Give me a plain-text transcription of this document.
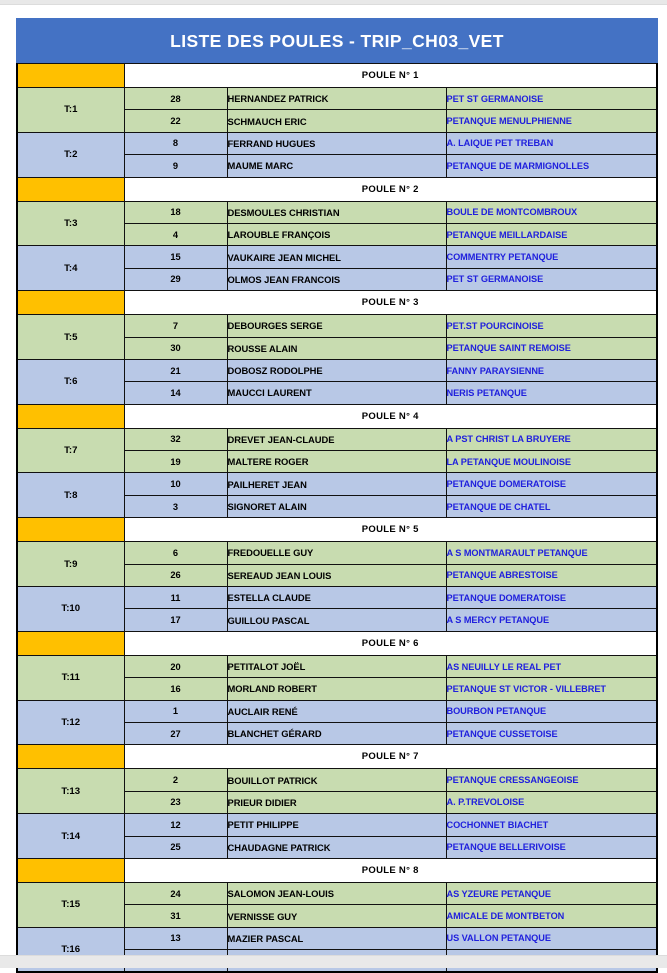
LISTE DES POULES - TRIP_CH03_VET
	POULE N° 1		
T:1	28	HERNANDEZ PATRICK	PET ST GERMANOISE
	22	SCHMAUCH ERIC	PETANQUE MENULPHIENNE
T:2	8	FERRAND HUGUES	A. LAIQUE PET TREBAN
	9	MAUME MARC	PETANQUE DE MARMIGNOLLES
	POULE N° 2		
T:3	18	DESMOULES CHRISTIAN	BOULE DE MONTCOMBROUX
	4	LAROUBLE FRANÇOIS	PETANQUE MEILLARDAISE
T:4	15	VAUKAIRE JEAN MICHEL	COMMENTRY PETANQUE
	29	OLMOS JEAN FRANCOIS	PET ST GERMANOISE
	POULE N° 3		
T:5	7	DEBOURGES SERGE	PET.ST POURCINOISE
	30	ROUSSE ALAIN	PETANQUE SAINT REMOISE
T:6	21	DOBOSZ RODOLPHE	FANNY PARAYSIENNE
	14	MAUCCI LAURENT	NERIS PETANQUE
	POULE N° 4		
T:7	32	DREVET JEAN-CLAUDE	A PST CHRIST LA BRUYERE
	19	MALTERE ROGER	LA PETANQUE MOULINOISE
T:8	10	PAILHERET JEAN	PETANQUE DOMERATOISE
	3	SIGNORET ALAIN	PETANQUE DE CHATEL
	POULE N° 5		
T:9	6	FREDOUELLE GUY	A S MONTMARAULT PETANQUE
	26	SEREAUD JEAN LOUIS	PETANQUE ABRESTOISE
T:10	11	ESTELLA CLAUDE	PETANQUE DOMERATOISE
	17	GUILLOU PASCAL	A S MERCY PETANQUE
	POULE N° 6		
T:11	20	PETITALOT JOËL	AS NEUILLY LE REAL PET
	16	MORLAND ROBERT	PETANQUE ST VICTOR - VILLEBRET
T:12	1	AUCLAIR RENÉ	BOURBON PETANQUE
	27	BLANCHET GÉRARD	PETANQUE CUSSETOISE
	POULE N° 7		
T:13	2	BOUILLOT PATRICK	PETANQUE CRESSANGEOISE
	23	PRIEUR DIDIER	A. P.TREVOLOISE
T:14	12	PETIT PHILIPPE	COCHONNET BIACHET
	25	CHAUDAGNE PATRICK	PETANQUE BELLERIVOISE
	POULE N° 8		
T:15	24	SALOMON JEAN-LOUIS	AS YZEURE PETANQUE
	31	VERNISSE GUY	AMICALE DE MONTBETON
T:16	13	MAZIER PASCAL	US VALLON PETANQUE
